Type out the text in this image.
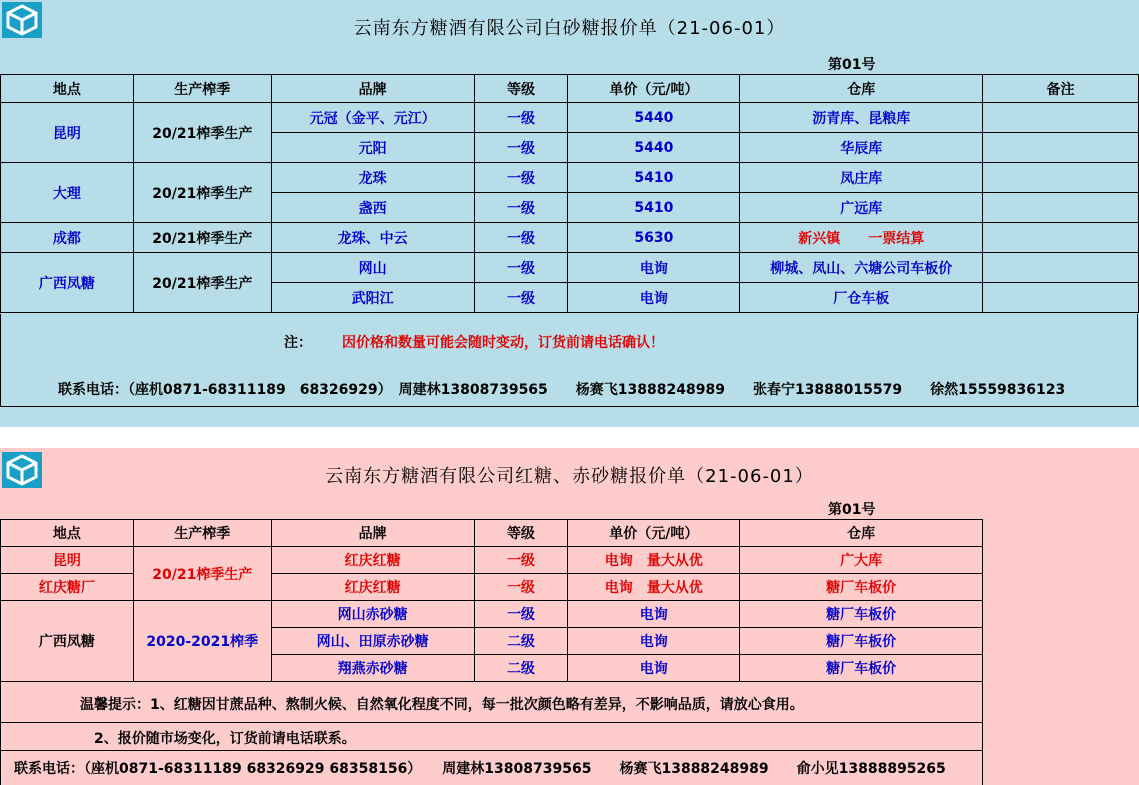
云南东方糖酒有限公司白砂糖报价单（21-06-01）
第01号
地点	生产榨季	品牌	等级	单价（元/吨）	仓库	备注
昆明	20/21榨季生产	元冠（金平、元江）	一级	5440	沥青库、昆粮库	
		元阳	一级	5440	华辰库	
大理	20/21榨季生产	龙珠	一级	5410	凤庄库	
		盏西	一级	5410	广远库	
成都	20/21榨季生产	龙珠、中云	一级	5630	新兴镇　　一票结算	
广西凤糖	20/21榨季生产	网山	一级	电询	柳城、凤山、六塘公司车板价	
		武阳江	一级	电询	厂仓车板	
注： 因价格和数量可能会随时变动，订货前请电话确认！
联系电话：（座机0871-68311189　68326929）　周建林13808739565　　杨赛飞13888248989　　张春宁13888015579　　徐然15559836123
云南东方糖酒有限公司红糖、赤砂糖报价单（21-06-01）
第01号
地点	生产榨季	品牌	等级	单价（元/吨）	仓库
昆明	20/21榨季生产	红庆红糖	一级	电询　量大从优	广大库
红庆糖厂		红庆红糖	一级	电询　量大从优	糖厂车板价
广西凤糖	2020-2021榨季	网山赤砂糖	一级	电询	糖厂车板价
		网山、田原赤砂糖	二级	电询	糖厂车板价
		翔燕赤砂糖	二级	电询	糖厂车板价
温馨提示：1、红糖因甘蔗品种、熬制火候、自然氧化程度不同，每一批次颜色略有差异，不影响品质，请放心食用。
2、报价随市场变化，订货前请电话联系。
联系电话：（座机0871-68311189 68326929 68358156）　　周建林13808739565　　杨赛飞13888248989　　俞小见13888895265
